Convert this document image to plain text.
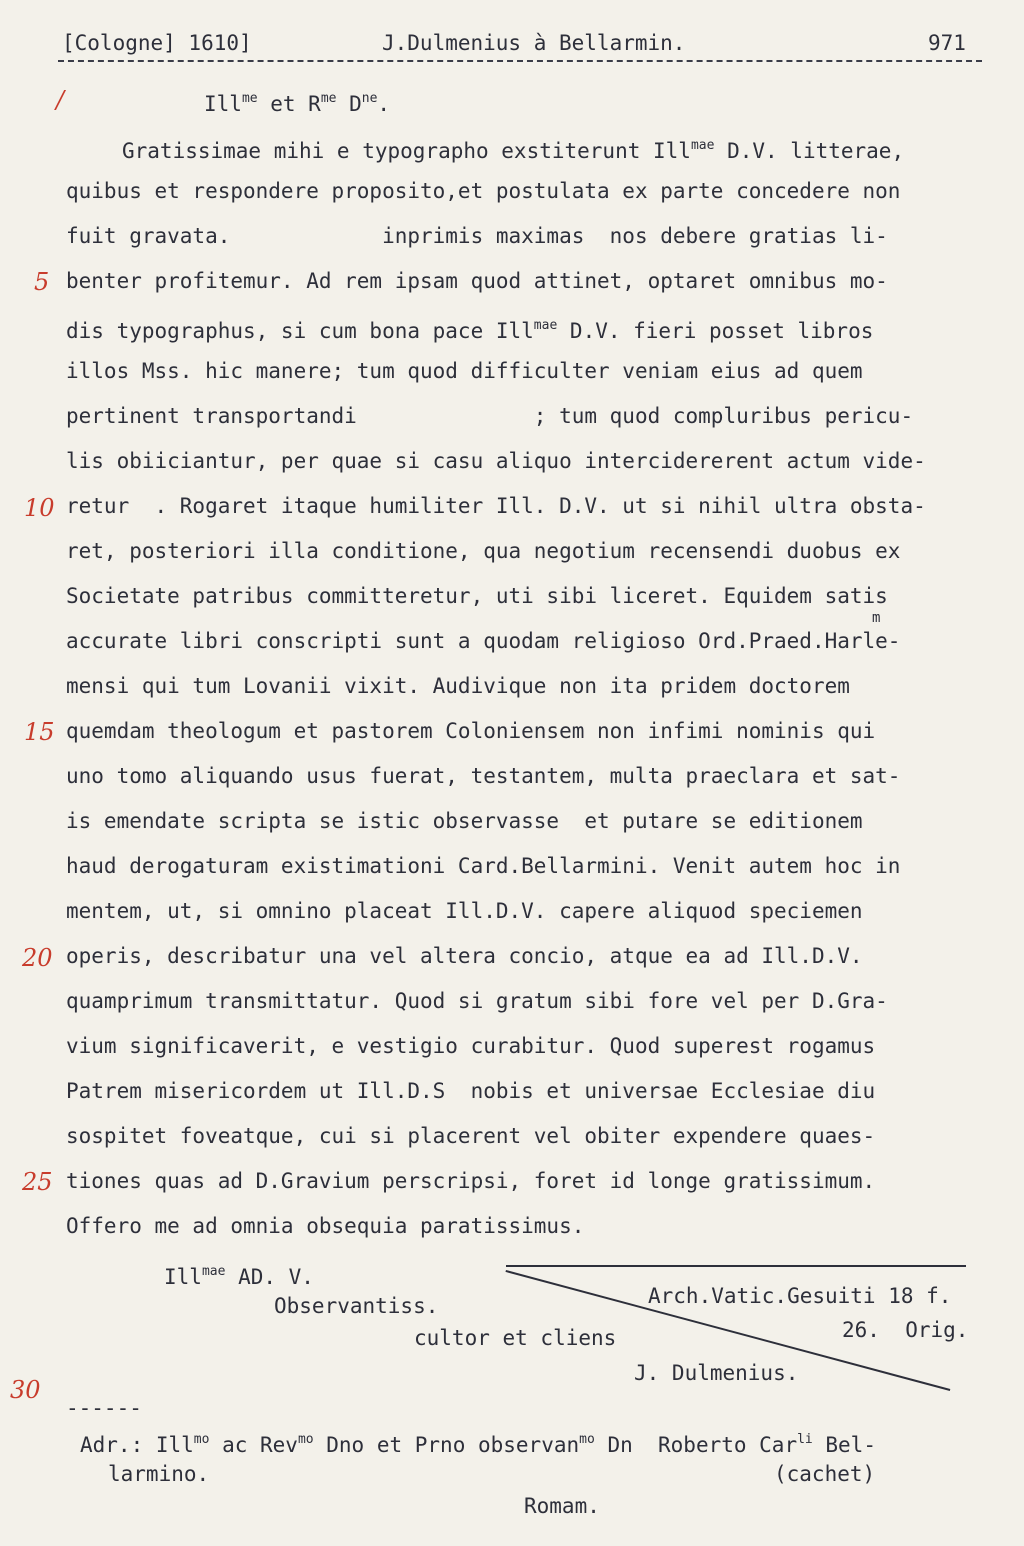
[Cologne] 1610]	J.Dulmenius à Bellarmin.	971
/
5
10
15
20
25
30
Ill$^{me}$ et $R^{me}$ $D^{ne}$.
Gratissimae mihi e typographo exstiterunt Ill$^{mae}$ D.V. litterae,
quibus et respondere proposito,et postulata ex parte concedere non
fuit gravata.            inprimis maximas  nos debere gratias li-
benter profitemur. Ad rem ipsam quod attinet, optaret omnibus mo-
dis typographus, si cum bona pace Ill$^{mae}$ D.V. fieri posset libros
illos Mss. hic manere; tum quod difficulter veniam eius ad quem
pertinent transportandi              ; tum quod compluribus pericu-
lis obiiciantur, per quae si casu aliquo intercidererent actum vide-
retur  . Rogaret itaque humiliter Ill. D.V. ut si nihil ultra obsta-
ret, posteriori illa conditione, qua negotium recensendi duobus ex
Societate patribus committeretur, uti sibi liceret. Equidem satis
m
accurate libri conscripti sunt a quodam religioso Ord.Praed.Harle-
mensi qui tum Lovanii vixit. Audivique non ita pridem doctorem
quemdam theologum et pastorem Coloniensem non infimi nominis qui
uno tomo aliquando usus fuerat, testantem, multa praeclara et sat-
is emendate scripta se istic observasse  et putare se editionem
haud derogaturam existimationi Card.Bellarmini. Venit autem hoc in
mentem, ut, si omnino placeat Ill.D.V. capere aliquod speciemen
operis, describatur una vel altera concio, atque ea ad Ill.D.V.
quamprimum transmittatur. Quod si gratum sibi fore vel per D.Gra-
vium significaverit, e vestigio curabitur. Quod superest rogamus
Patrem misericordem ut Ill.D.S  nobis et universae Ecclesiae diu
sospitet foveatque, cui si placerent vel obiter expendere quaes-
tiones quas ad D.Gravium perscripsi, foret id longe gratissimum.
Offero me ad omnia obsequia paratissimus.
Ill$^{mae}$ AD. V.
Observantiss.
cultor et cliens
J. Dulmenius.
Arch.Vatic.Gesuiti 18 f.
26.  Orig.
------
Adr.: Ill$^{mo}$ ac Rev$^{mo}$ Dno et Prno observan$^{mo}$ Dn  Roberto Car$^{li}$ Bel-
larmino.	(cachet)
Romam.
